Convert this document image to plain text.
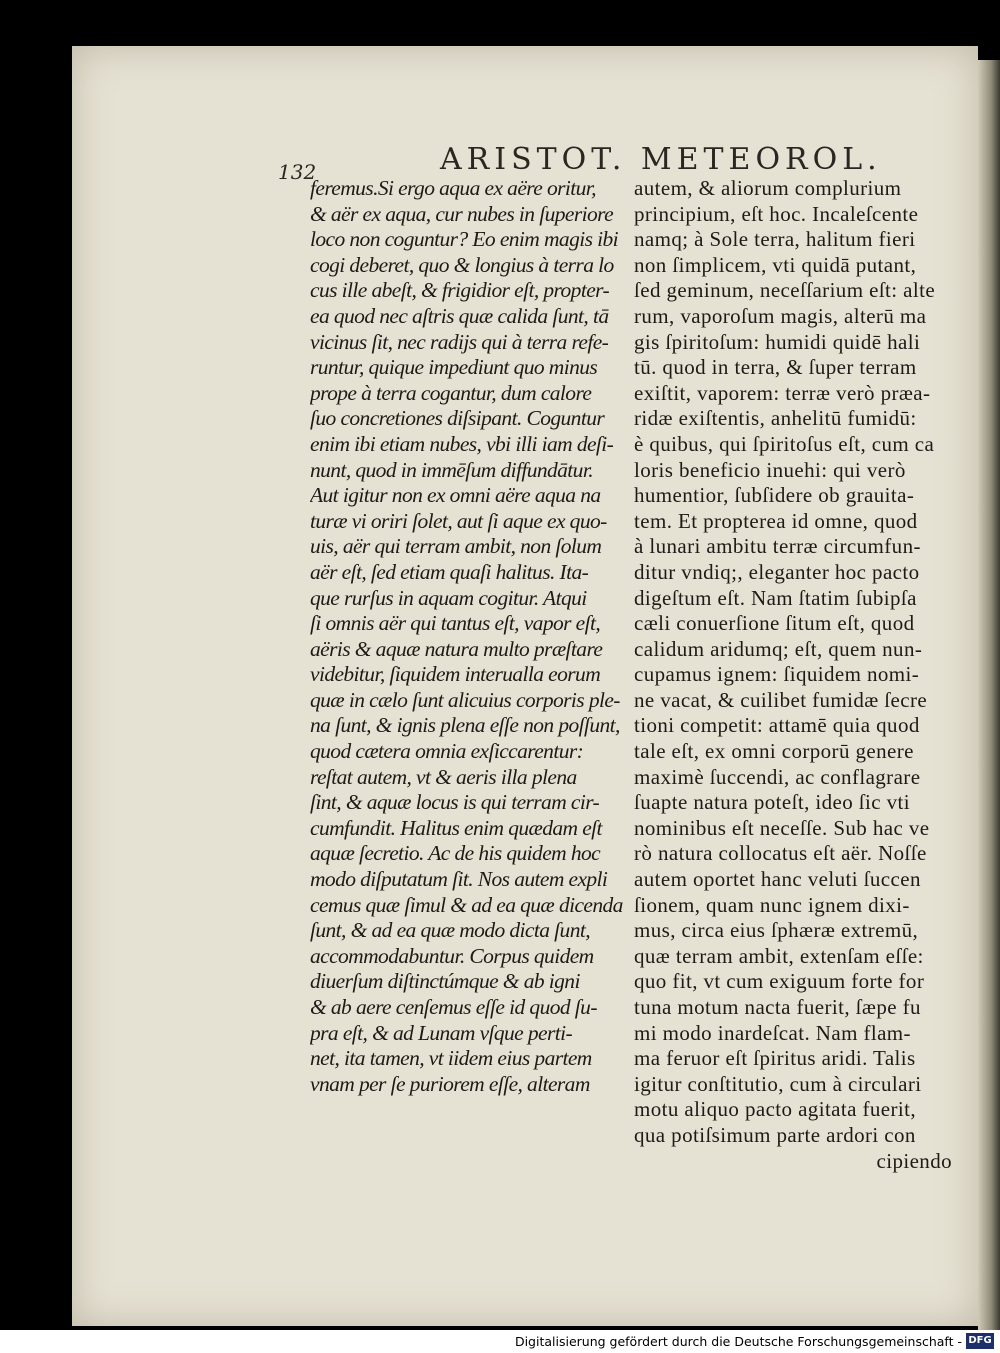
132	ARISTOT. METEOROL.
feremus.Si ergo aqua ex aëre oritur,
& aër ex aqua, cur nubes in ſuperiore
loco non coguntur? Eo enim magis ibi
cogi deberet, quo & longius à terra lo
cus ille abeſt, & frigidior eſt, propter-
ea quod nec aſtris quæ calida ſunt, tā
vicinus ſit, nec radijs qui à terra refe-
runtur, quique impediunt quo minus
prope à terra cogantur, dum calore
ſuo concretiones diſsipant. Coguntur
enim ibi etiam nubes, vbi illi iam deſi-
nunt, quod in immēſum diffundātur.
Aut igitur non ex omni aëre aqua na
turæ vi oriri ſolet, aut ſi aque ex quo-
uis, aër qui terram ambit, non ſolum
aër eſt, ſed etiam quaſi halitus. Ita-
que rurſus in aquam cogitur. Atqui
ſi omnis aër qui tantus eſt, vapor eſt,
aëris & aquæ natura multo præſtare
videbitur, ſiquidem interualla eorum
quæ in cælo ſunt alicuius corporis ple-
na ſunt, & ignis plena eſſe non poſſunt,
quod cætera omnia exſiccarentur:
reſtat autem, vt & aeris illa plena
ſint, & aquæ locus is qui terram cir-
cumfundit. Halitus enim quædam eſt
aquæ ſecretio. Ac de his quidem hoc
modo diſputatum ſit. Nos autem expli
cemus quæ ſimul & ad ea quæ dicenda
ſunt, & ad ea quæ modo dicta ſunt,
accommodabuntur. Corpus quidem
diuerſum diſtinctúmque & ab igni
& ab aere cenſemus eſſe id quod ſu-
pra eſt, & ad Lunam vſque perti-
net, ita tamen, vt iidem eius partem
vnam per ſe puriorem eſſe, alteram
autem, & aliorum complurium
principium, eſt hoc. Incaleſcente
namq; à Sole terra, halitum fieri
non ſimplicem, vti quidā putant,
ſed geminum, neceſſarium eſt: alte
rum, vaporoſum magis, alterū ma
gis ſpiritoſum: humidi quidē hali
tū. quod in terra, & ſuper terram
exiſtit, vaporem: terræ verò præa-
ridæ exiſtentis, anhelitū fumidū:
è quibus, qui ſpiritoſus eſt, cum ca
loris beneficio inuehi: qui verò
humentior, ſubſidere ob grauita-
tem. Et propterea id omne, quod
à lunari ambitu terræ circumfun-
ditur vndiq;, eleganter hoc pacto
digeſtum eſt. Nam ſtatim ſubipſa
cæli conuerſione ſitum eſt, quod
calidum aridumq; eſt, quem nun-
cupamus ignem: ſiquidem nomi-
ne vacat, & cuilibet fumidæ ſecre
tioni competit: attamē quia quod
tale eſt, ex omni corporū genere
maximè ſuccendi, ac conflagrare
ſuapte natura poteſt, ideo ſic vti
nominibus eſt neceſſe. Sub hac ve
rò natura collocatus eſt aër. Noſſe
autem oportet hanc veluti ſuccen
ſionem, quam nunc ignem dixi-
mus, circa eius ſphæræ extremū,
quæ terram ambit, extenſam eſſe:
quo fit, vt cum exiguum forte for
tuna motum nacta fuerit, ſæpe fu
mi modo inardeſcat. Nam flam-
ma feruor eſt ſpiritus aridi. Talis
igitur conſtitutio, cum à circulari
motu aliquo pacto agitata fuerit,
qua potiſsimum parte ardori con
cipiendo
Digitalisierung gefördert durch die Deutsche Forschungsgemeinschaft - DFG
